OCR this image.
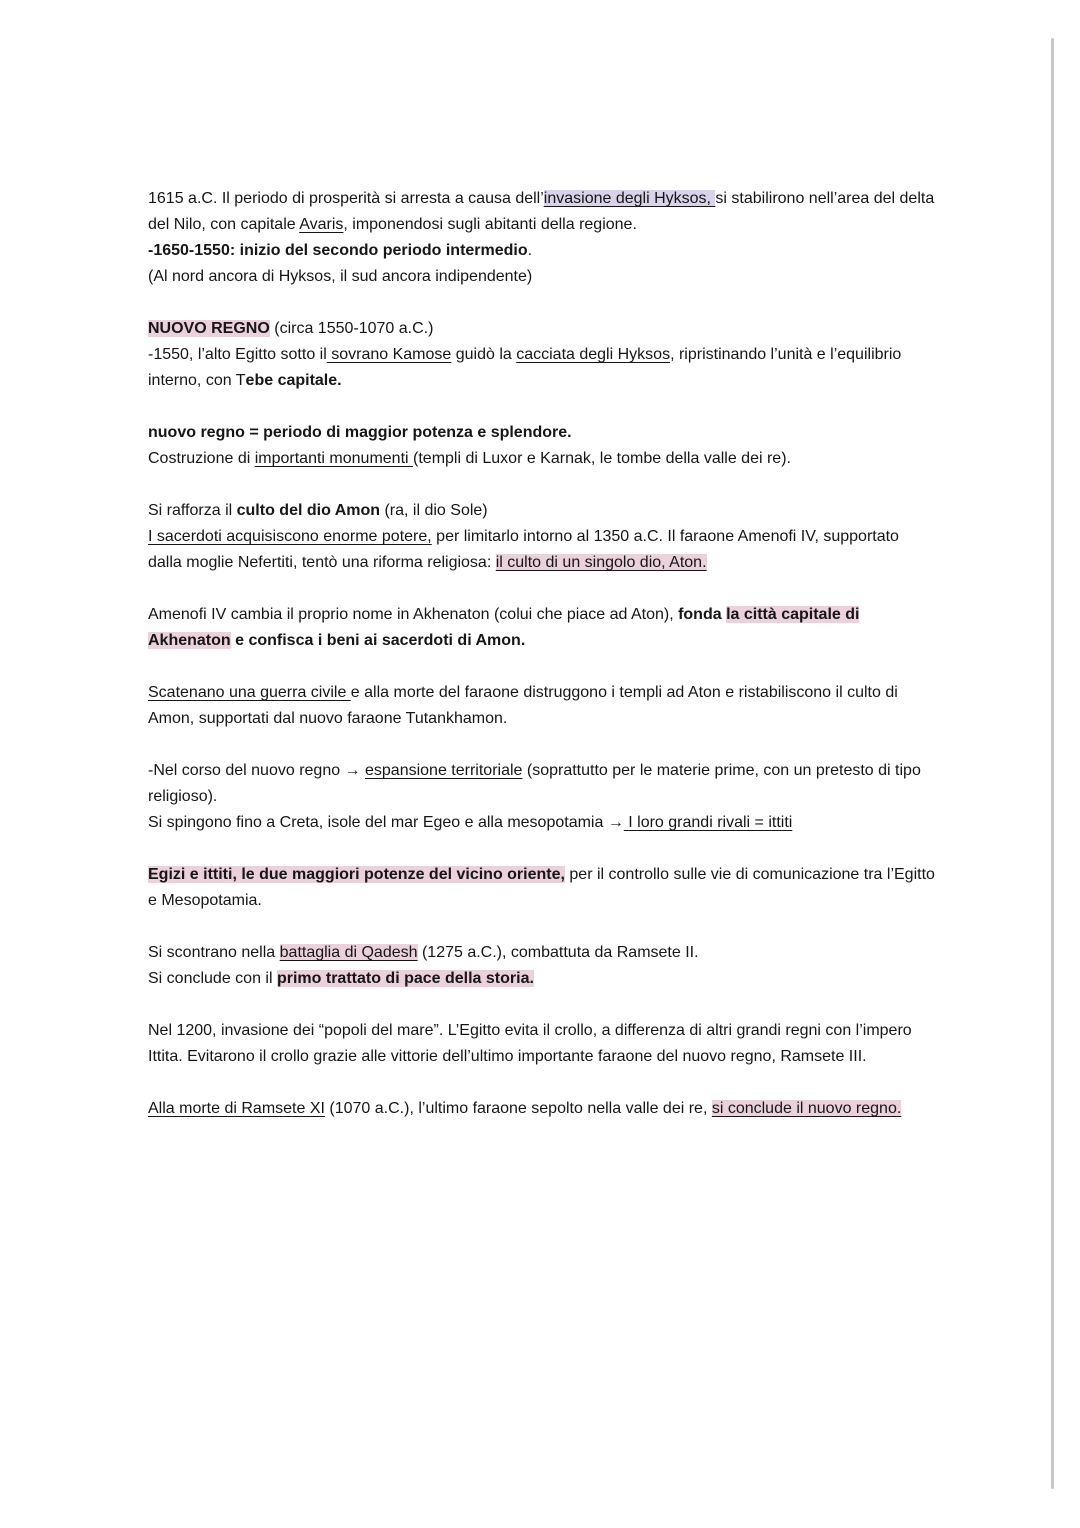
1615 a.C. Il periodo di prosperità si arresta a causa dell’invasione degli Hyksos, si stabilirono nell’area del delta del Nilo, con capitale Avaris, imponendosi sugli abitanti della regione.
-1650-1550: inizio del secondo periodo intermedio.
(Al nord ancora di Hyksos, il sud ancora indipendente)
NUOVO REGNO (circa 1550-1070 a.C.)
-1550, l’alto Egitto sotto il sovrano Kamose guidò la cacciata degli Hyksos, ripristinando l’unità e l’equilibrio interno, con Tebe capitale.
nuovo regno = periodo di maggior potenza e splendore.
Costruzione di importanti monumenti (templi di Luxor e Karnak, le tombe della valle dei re).
Si rafforza il culto del dio Amon (ra, il dio Sole)
I sacerdoti acquisiscono enorme potere, per limitarlo intorno al 1350 a.C. Il faraone Amenofi IV, supportato dalla moglie Nefertiti, tentò una riforma religiosa: il culto di un singolo dio, Aton.
Amenofi IV cambia il proprio nome in Akhenaton (colui che piace ad Aton), fonda la città capitale di Akhenaton e confisca i beni ai sacerdoti di Amon.
Scatenano una guerra civile e alla morte del faraone distruggono i templi ad Aton e ristabiliscono il culto di Amon, supportati dal nuovo faraone Tutankhamon.
-Nel corso del nuovo regno → espansione territoriale (soprattutto per le materie prime, con un pretesto di tipo religioso).
Si spingono fino a Creta, isole del mar Egeo e alla mesopotamia → I loro grandi rivali = ittiti
Egizi e ittiti, le due maggiori potenze del vicino oriente, per il controllo sulle vie di comunicazione tra l’Egitto e Mesopotamia.
Si scontrano nella battaglia di Qadesh (1275 a.C.), combattuta da Ramsete II.
Si conclude con il primo trattato di pace della storia.
Nel 1200, invasione dei “popoli del mare”. L’Egitto evita il crollo, a differenza di altri grandi regni con l’impero Ittita. Evitarono il crollo grazie alle vittorie dell’ultimo importante faraone del nuovo regno, Ramsete III.
Alla morte di Ramsete XI (1070 a.C.), l’ultimo faraone sepolto nella valle dei re, si conclude il nuovo regno.
